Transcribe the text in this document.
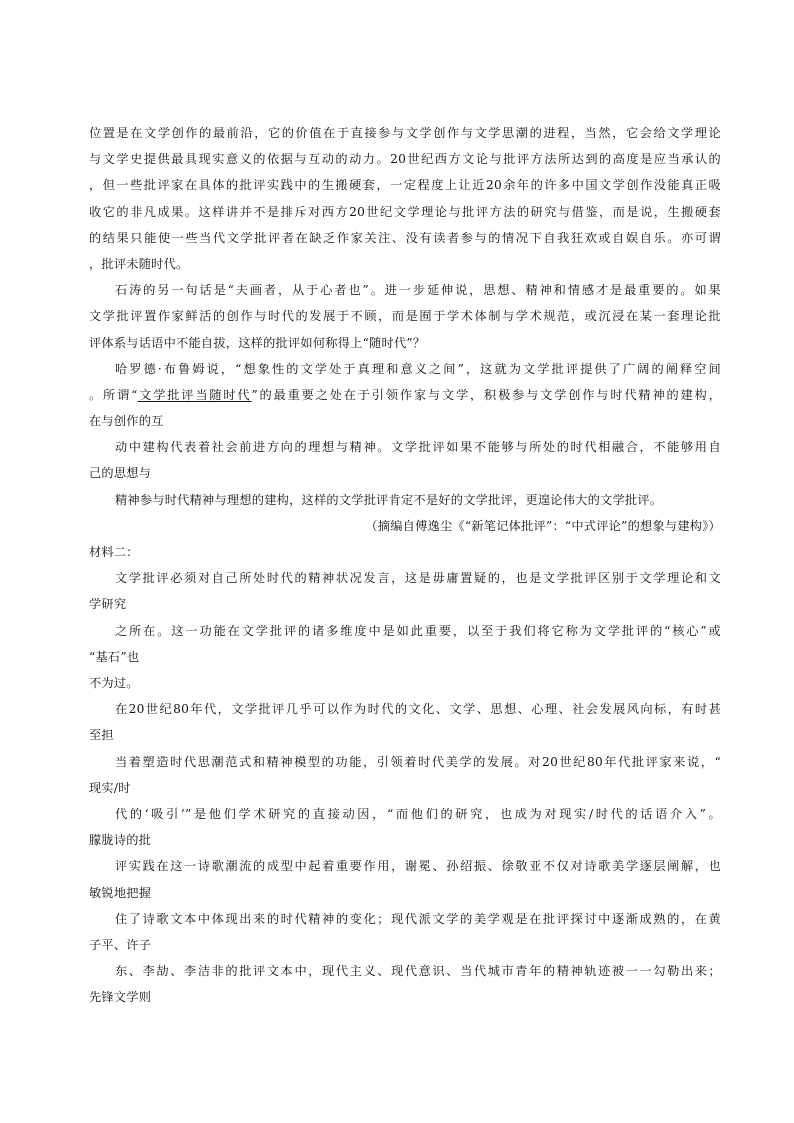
位置是在文学创作的最前沿，它的价值在于直接参与文学创作与文学思潮的进程，当然，它会给文学理论
与文学史提供最具现实意义的依据与互动的动力。20世纪西方文论与批评方法所达到的高度是应当承认的
，但一些批评家在具体的批评实践中的生搬硬套，一定程度上让近20余年的许多中国文学创作没能真正吸
收它的非凡成果。这样讲并不是排斥对西方20世纪文学理论与批评方法的研究与借鉴，而是说，生搬硬套
的结果只能使一些当代文学批评者在缺乏作家关注、没有读者参与的情况下自我狂欢或自娱自乐。亦可谓
，批评未随时代。
石涛的另一句话是“夫画者，从于心者也”。进一步延伸说，思想、精神和情感才是最重要的。如果
文学批评置作家鲜活的创作与时代的发展于不顾，而是囿于学术体制与学术规范，或沉浸在某一套理论批
评体系与话语中不能自拔，这样的批评如何称得上“随时代”？
哈罗德·布鲁姆说，“想象性的文学处于真理和意义之间”，这就为文学批评提供了广阔的阐释空间
。所谓“文学批评当随时代”的最重要之处在于引领作家与文学，积极参与文学创作与时代精神的建构，
在与创作的互
动中建构代表着社会前进方向的理想与精神。文学批评如果不能够与所处的时代相融合，不能够用自
己的思想与
精神参与时代精神与理想的建构，这样的文学批评肯定不是好的文学批评，更遑论伟大的文学批评。
（摘编自傅逸尘《“新笔记体批评”：“中式评论”的想象与建构》）
材料二：
文学批评必须对自己所处时代的精神状况发言，这是毋庸置疑的，也是文学批评区别于文学理论和文
学研究
之所在。这一功能在文学批评的诸多维度中是如此重要，以至于我们将它称为文学批评的“核心”或
“基石”也
不为过。
在20世纪80年代，文学批评几乎可以作为时代的文化、文学、思想、心理、社会发展风向标，有时甚
至担
当着塑造时代思潮范式和精神模型的功能，引领着时代美学的发展。对20世纪80年代批评家来说，“
现实/时
代的‘吸引’”是他们学术研究的直接动因，“而他们的研究，也成为对现实/时代的话语介入”。
朦胧诗的批
评实践在这一诗歌潮流的成型中起着重要作用，谢冕、孙绍振、徐敬亚不仅对诗歌美学逐层阐解，也
敏锐地把握
住了诗歌文本中体现出来的时代精神的变化；现代派文学的美学观是在批评探讨中逐渐成熟的，在黄
子平、许子
东、李劼、李洁非的批评文本中，现代主义、现代意识、当代城市青年的精神轨迹被一一勾勒出来；
先锋文学则
